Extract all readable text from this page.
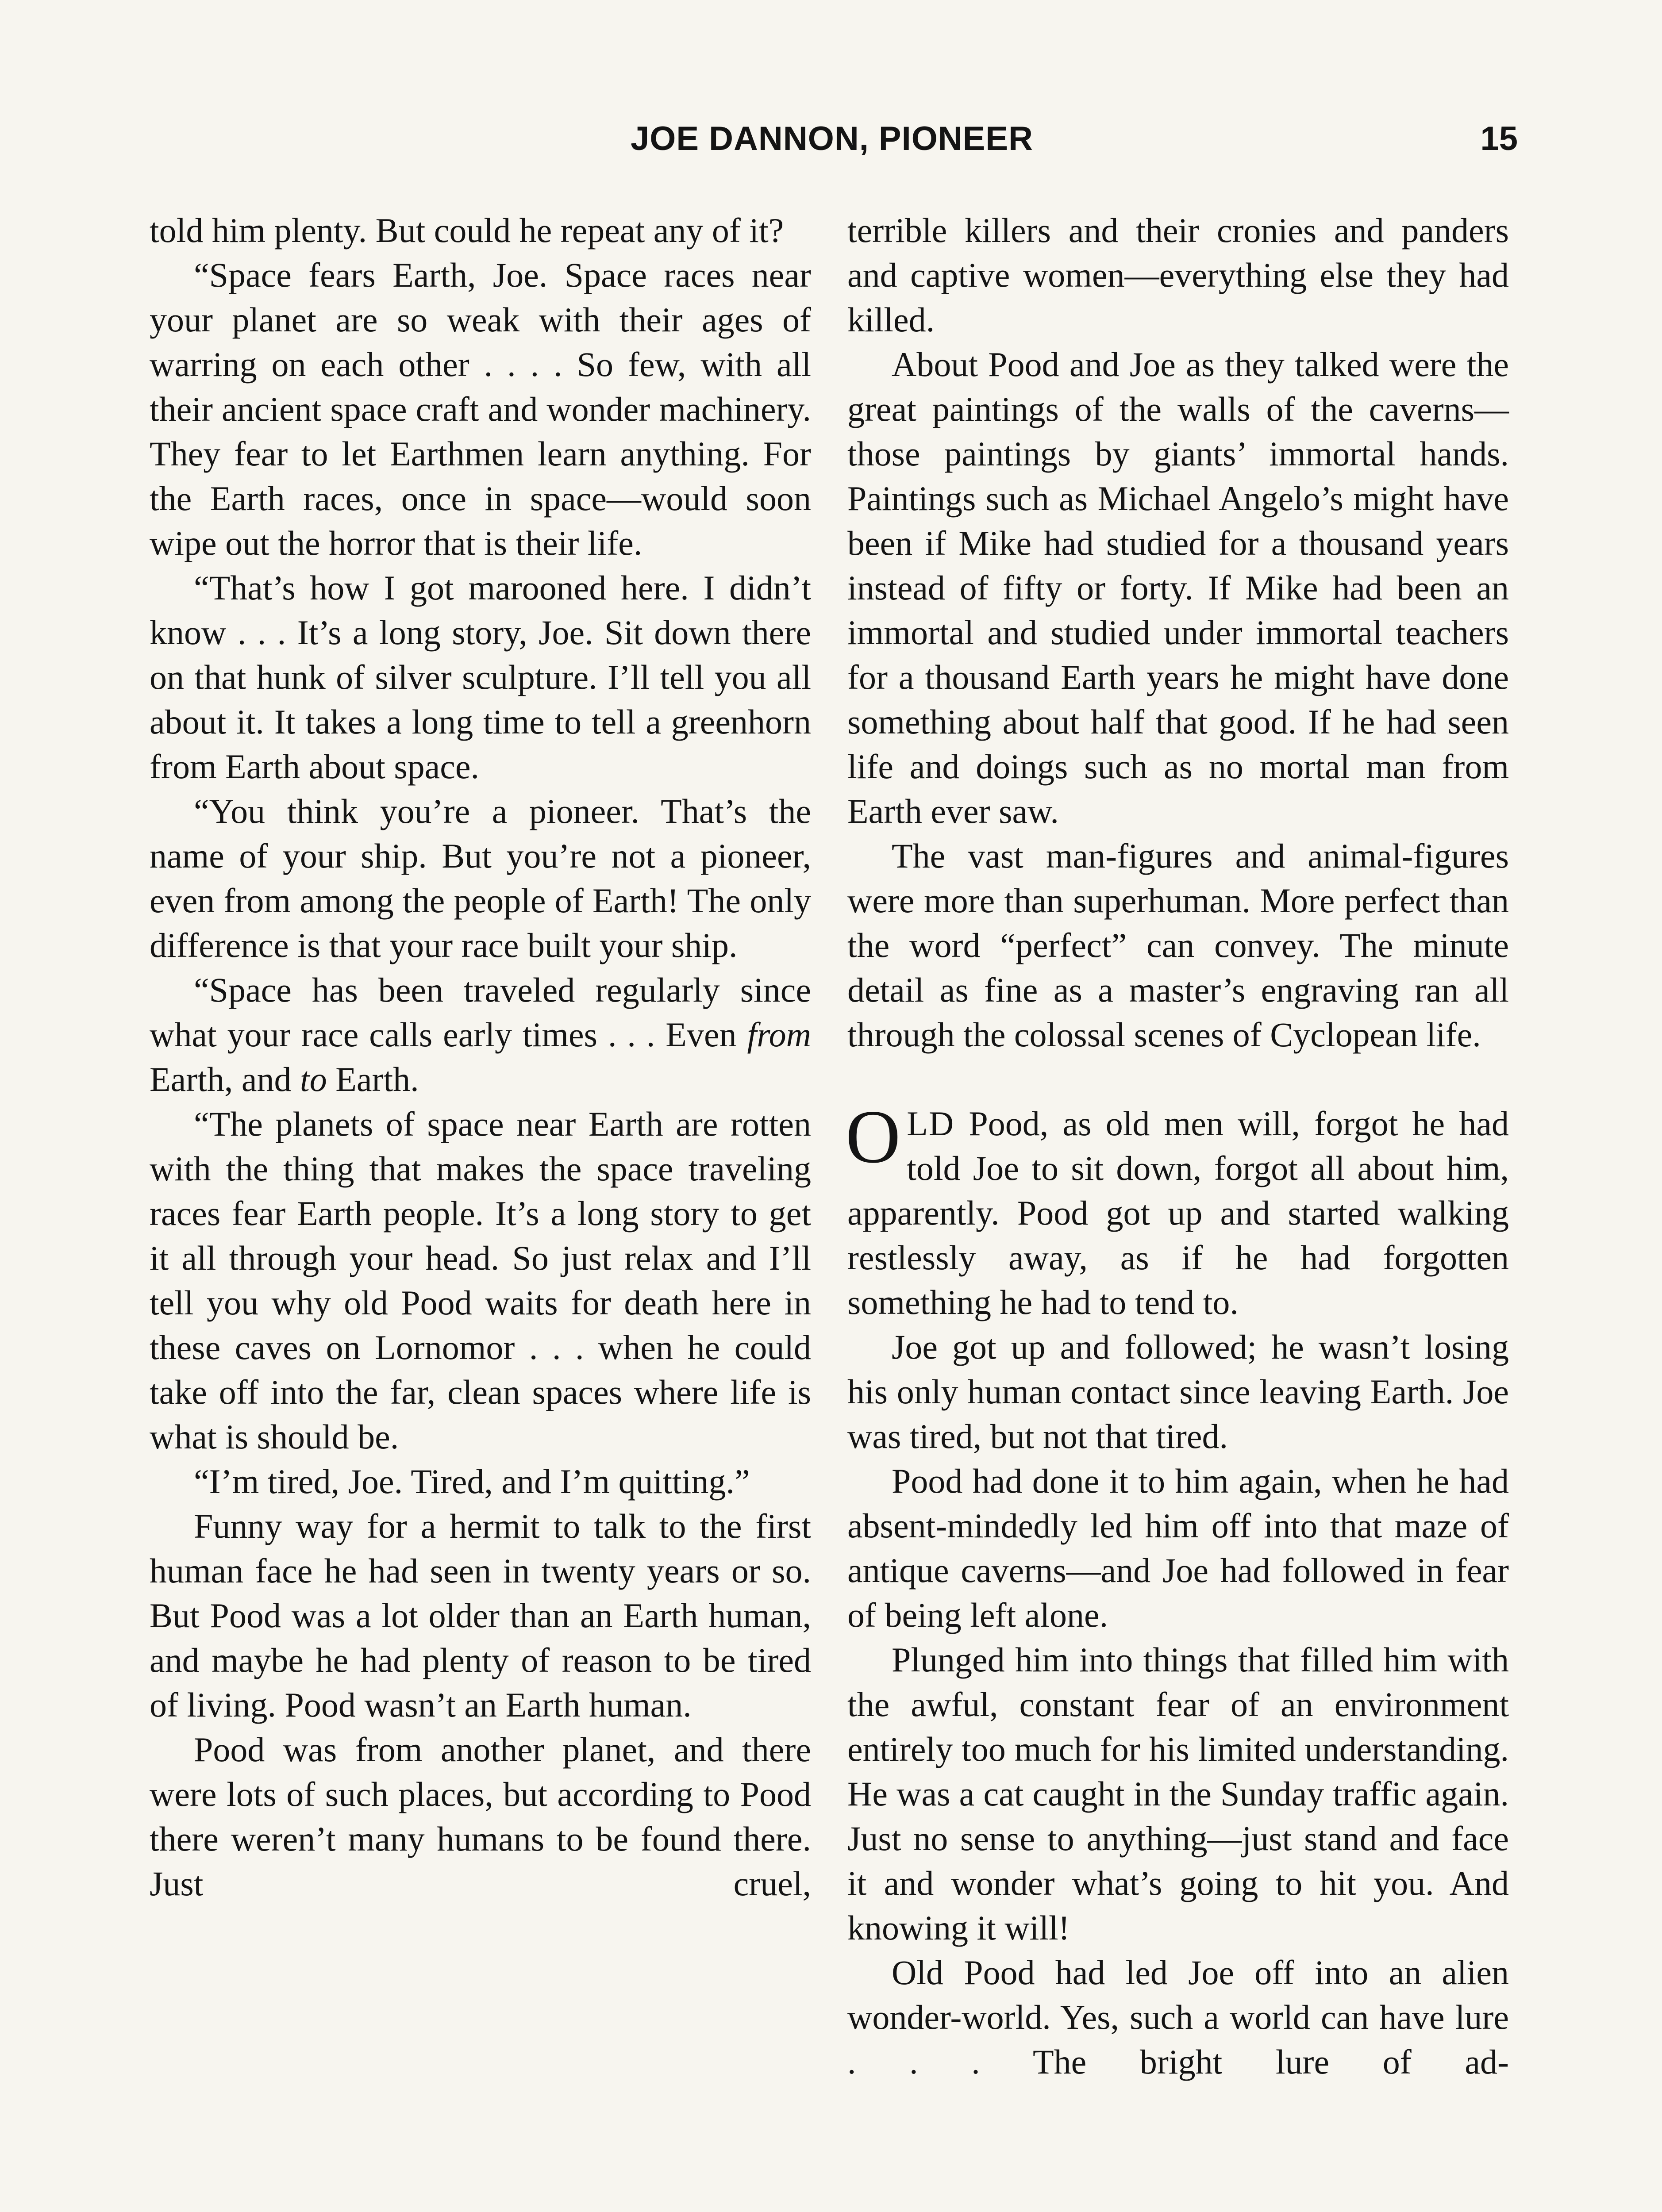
JOE DANNON, PIONEER	15

told him plenty. But could he repeat any of it?

“Space fears Earth, Joe. Space races near your planet are so weak with their ages of warring on each other . . . . So few, with all their ancient space craft and wonder machinery. They fear to let Earthmen learn anything. For the Earth races, once in space—would soon wipe out the horror that is their life.

“That’s how I got marooned here. I didn’t know . . . It’s a long story, Joe. Sit down there on that hunk of silver sculpture. I’ll tell you all about it. It takes a long time to tell a greenhorn from Earth about space.

“You think you’re a pioneer. That’s the name of your ship. But you’re not a pioneer, even from among the people of Earth! The only difference is that your race built your ship.

“Space has been traveled regularly since what your race calls early times . . . Even from Earth, and to Earth.

“The planets of space near Earth are rotten with the thing that makes the space traveling races fear Earth people. It’s a long story to get it all through your head. So just relax and I’ll tell you why old Pood waits for death here in these caves on Lornomor . . . when he could take off into the far, clean spaces where life is what is should be.

“I’m tired, Joe. Tired, and I’m quitting.”

Funny way for a hermit to talk to the first human face he had seen in twenty years or so. But Pood was a lot older than an Earth human, and maybe he had plenty of reason to be tired of living. Pood wasn’t an Earth human.

Pood was from another planet, and there were lots of such places, but according to Pood there weren’t many humans to be found there. Just cruel,

terrible killers and their cronies and panders and captive women—everything else they had killed.

About Pood and Joe as they talked were the great paintings of the walls of the caverns—those paintings by giants’ immortal hands. Paintings such as Michael Angelo’s might have been if Mike had studied for a thousand years instead of fifty or forty. If Mike had been an immortal and studied under immortal teachers for a thousand Earth years he might have done something about half that good. If he had seen life and doings such as no mortal man from Earth ever saw.

The vast man-figures and animal-figures were more than superhuman. More perfect than the word “perfect” can convey. The minute detail as fine as a master’s engraving ran all through the colossal scenes of Cyclopean life.

OLD Pood, as old men will, forgot he had told Joe to sit down, forgot all about him, apparently. Pood got up and started walking restlessly away, as if he had forgotten something he had to tend to.

Joe got up and followed; he wasn’t losing his only human contact since leaving Earth. Joe was tired, but not that tired.

Pood had done it to him again, when he had absent-mindedly led him off into that maze of antique caverns—and Joe had followed in fear of being left alone.

Plunged him into things that filled him with the awful, constant fear of an environment entirely too much for his limited understanding. He was a cat caught in the Sunday traffic again. Just no sense to anything—just stand and face it and wonder what’s going to hit you. And knowing it will!

Old Pood had led Joe off into an alien wonder-world. Yes, such a world can have lure . . . The bright lure of ad-
